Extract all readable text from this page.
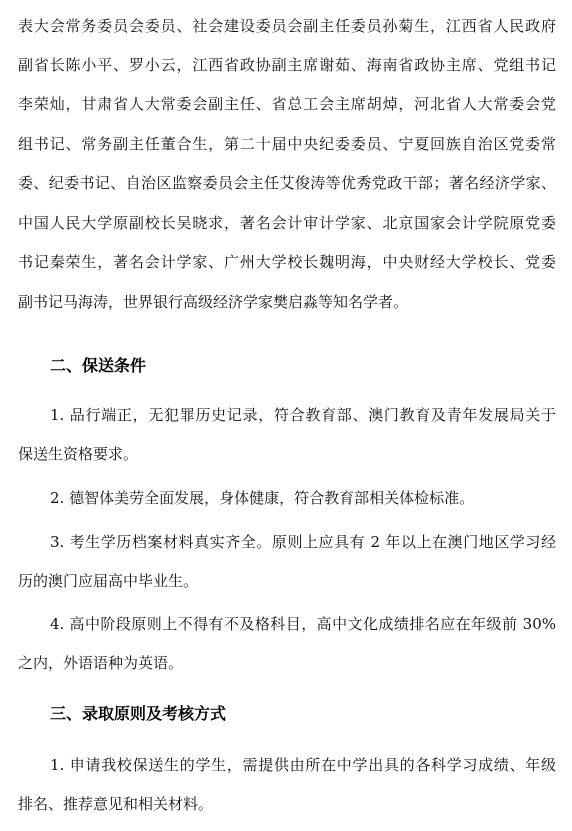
表大会常务委员会委员、社会建设委员会副主任委员孙菊生，江西省人民政府
副省长陈小平、罗小云，江西省政协副主席谢茹、海南省政协主席、党组书记
李荣灿，甘肃省人大常委会副主任、省总工会主席胡焯，河北省人大常委会党
组书记、常务副主任董合生，第二十届中央纪委委员、宁夏回族自治区党委常
委、纪委书记、自治区监察委员会主任艾俊涛等优秀党政干部；著名经济学家、
中国人民大学原副校长吴晓求，著名会计审计学家、北京国家会计学院原党委
书记秦荣生，著名会计学家、广州大学校长魏明海，中央财经大学校长、党委
副书记马海涛，世界银行高级经济学家樊启淼等知名学者。
二、保送条件
1. 品行端正，无犯罪历史记录，符合教育部、澳门教育及青年发展局关于
保送生资格要求。
2. 德智体美劳全面发展，身体健康，符合教育部相关体检标准。
3. 考生学历档案材料真实齐全。原则上应具有 2 年以上在澳门地区学习经
历的澳门应届高中毕业生。
4. 高中阶段原则上不得有不及格科目，高中文化成绩排名应在年级前 30%
之内，外语语种为英语。
三、录取原则及考核方式
1. 申请我校保送生的学生，需提供由所在中学出具的各科学习成绩、年级
排名、推荐意见和相关材料。
